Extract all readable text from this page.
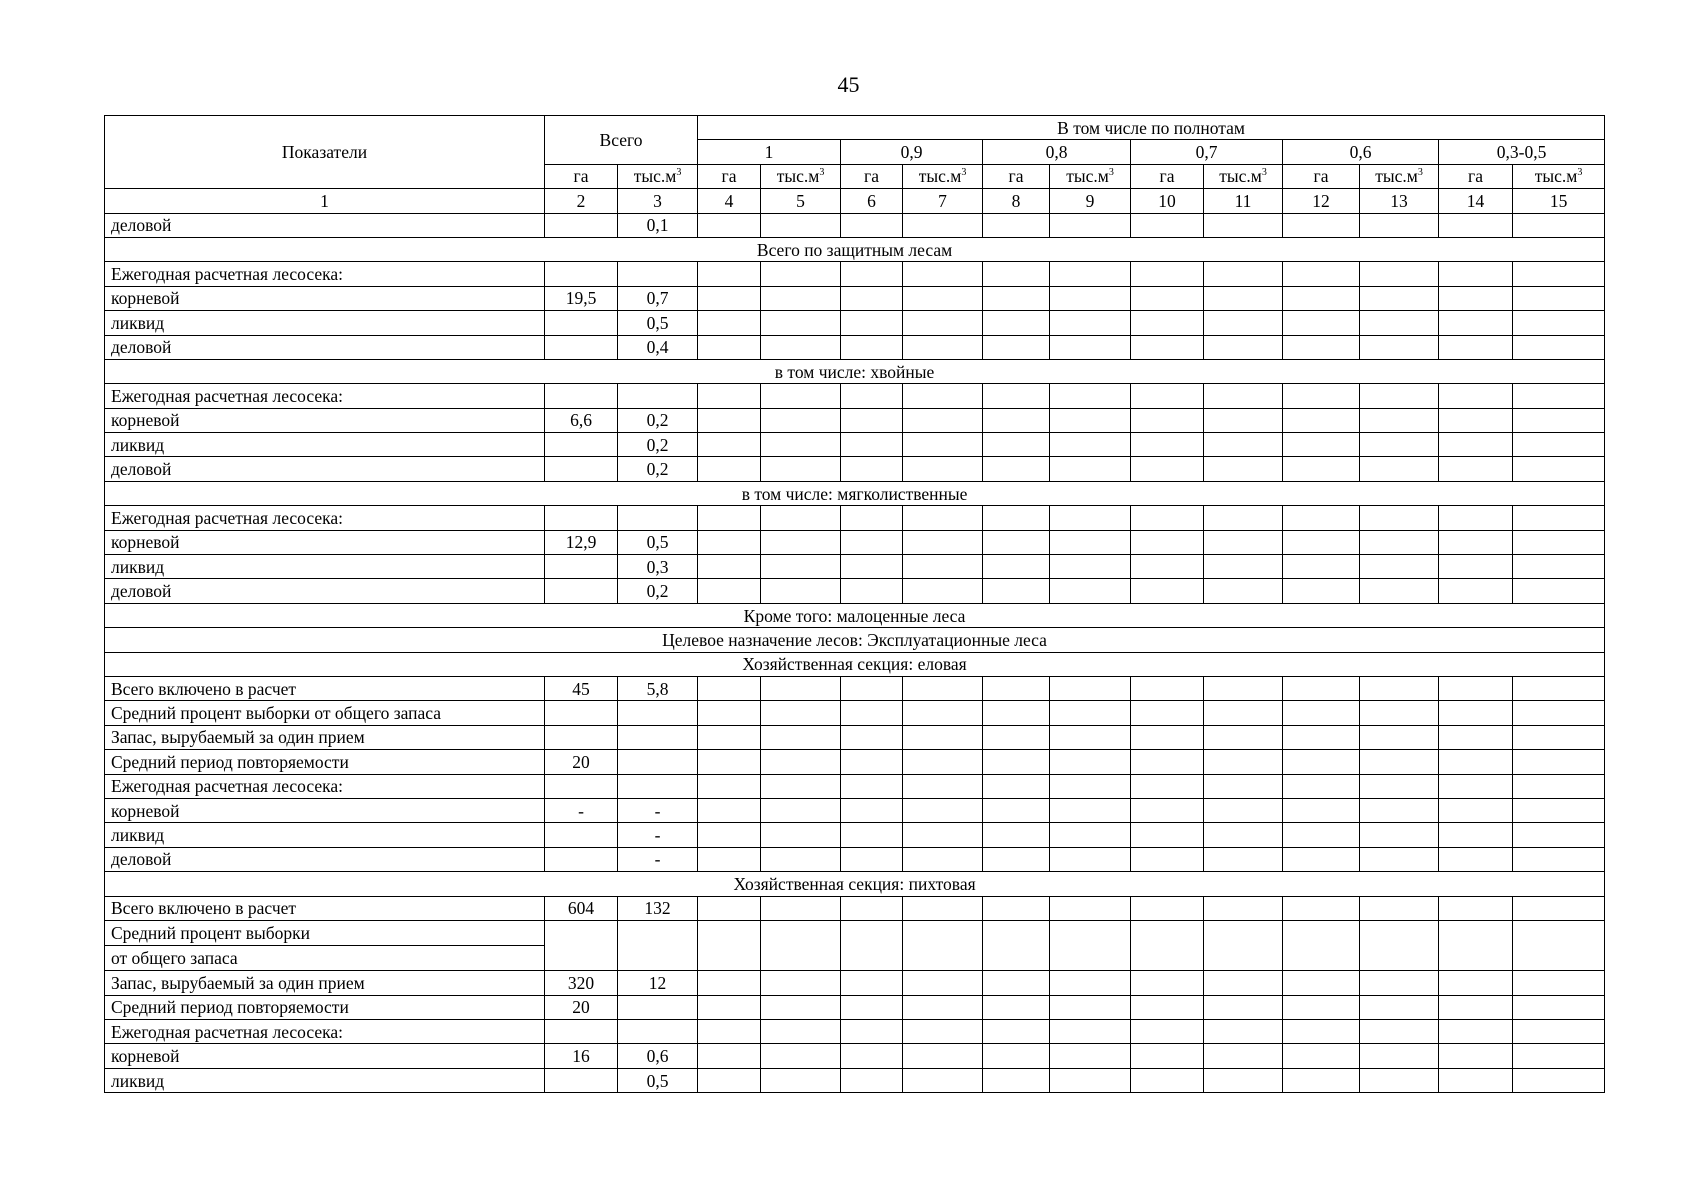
45
Показатели	Всего		В том числе по полнотам											
			1		0,9		0,8		0,7		0,6		0,3-0,5	
	га	$тыс.м^3$	га	$тыс.м^3$	га	$тыс.м^3$	га	$тыс.м^3$	га	$тыс.м^3$	га	$тыс.м^3$	га	$тыс.м^3$
1	2	3	4	5	6	7	8	9	10	11	12	13	14	15
деловой		0,1												
Всего по защитным лесам														
Ежегодная расчетная лесосека:														
корневой	19,5	0,7												
ликвид		0,5												
деловой		0,4												
в том числе: хвойные														
Ежегодная расчетная лесосека:														
корневой	6,6	0,2												
ликвид		0,2												
деловой		0,2												
в том числе: мягколиственные														
Ежегодная расчетная лесосека:														
корневой	12,9	0,5												
ликвид		0,3												
деловой		0,2												
Кроме того: малоценные леса														
Целевое назначение лесов: Эксплуатационные леса														
Хозяйственная секция: еловая														
Всего включено в расчет	45	5,8												
Средний процент выборки от общего запаса														
Запас, вырубаемый за один прием														
Средний период повторяемости	20													
Ежегодная расчетная лесосека:														
корневой	-	-												
ликвид		-												
деловой		-												
Хозяйственная секция: пихтовая														
Всего включено в расчет	604	132												

Средний процент выборки
от общего запаса														

Запас, вырубаемый за один прием	320	12												
Средний период повторяемости	20													
Ежегодная расчетная лесосека:														
корневой	16	0,6												
ликвид		0,5												
